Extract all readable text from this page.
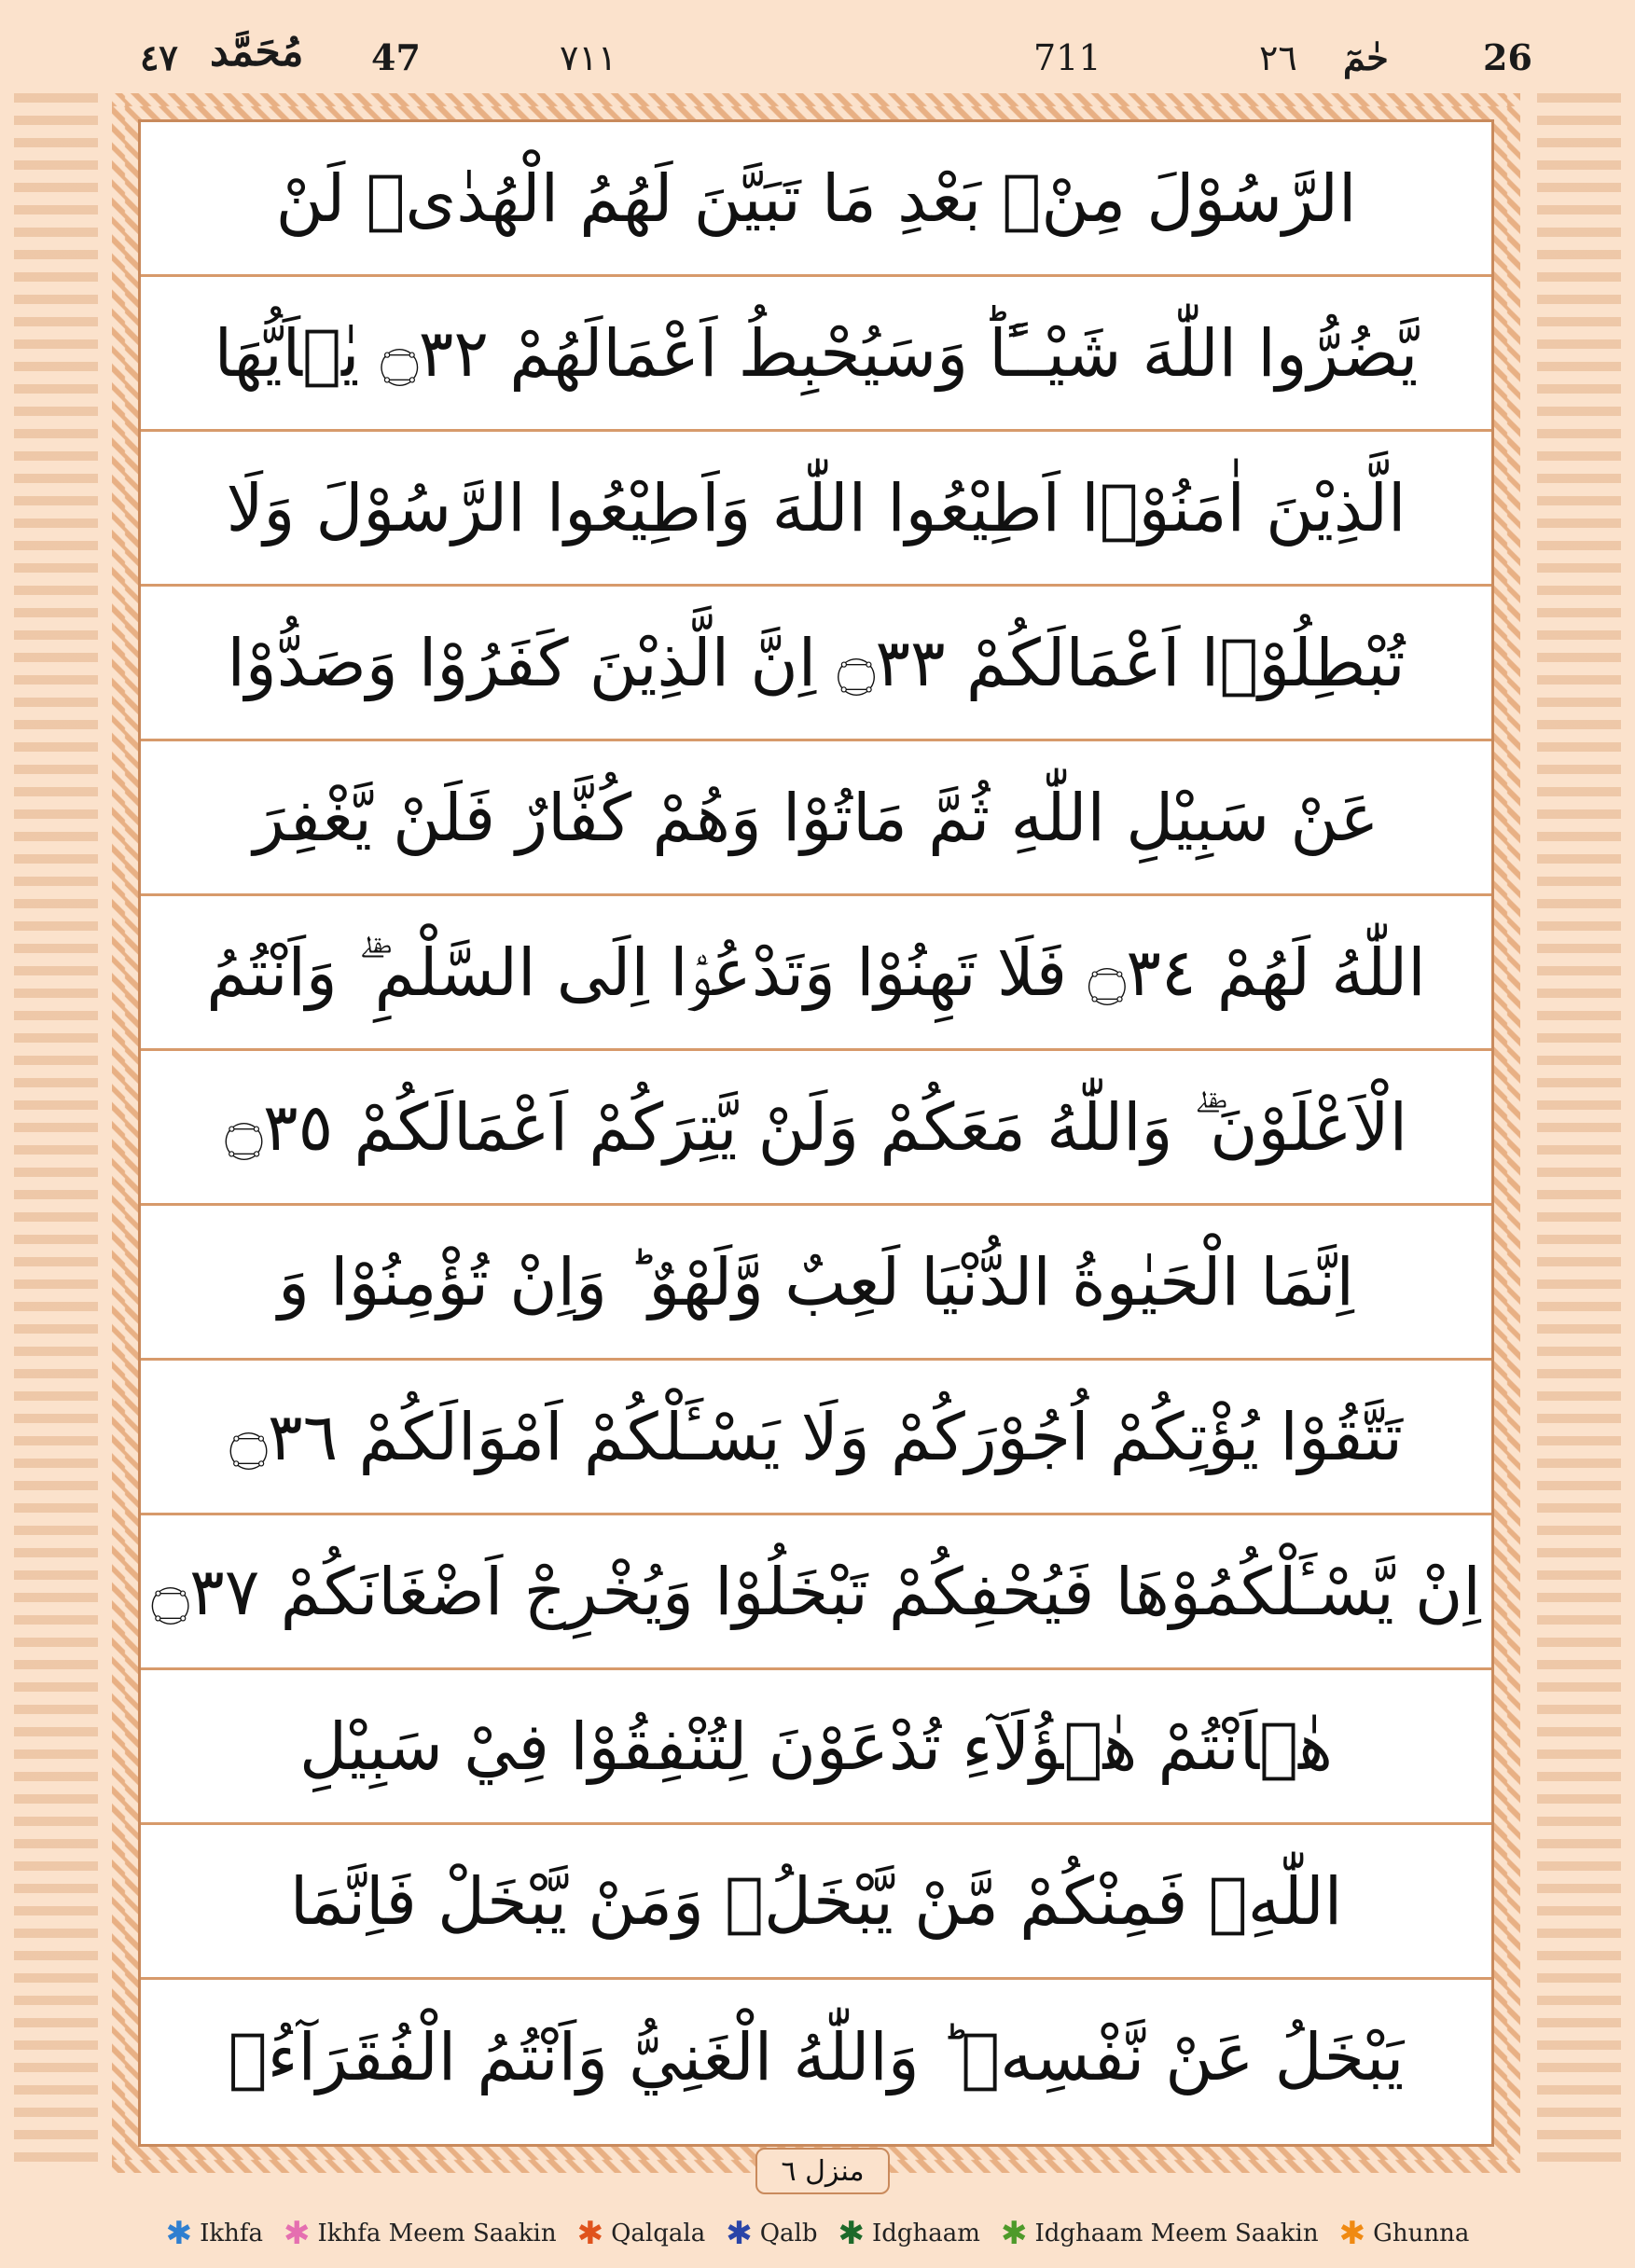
٤٧ مُحَمَّد 47	٧١١	711	٢٦ حٰمٓ	26
الرَّسُوْلَ مِنْۢ بَعْدِ مَا تَبَيَّنَ لَهُمُ الْهُدٰىۙ لَنْ
يَّضُرُّوا اللّٰهَ شَيْــًٔاؕ وَسَيُحْبِطُ اَعْمَالَهُمْ ۝٣٢ يٰۤاَيُّهَا
الَّذِيْنَ اٰمَنُوْۤا اَطِيْعُوا اللّٰهَ وَاَطِيْعُوا الرَّسُوْلَ وَلَا
تُبْطِلُوْۤا اَعْمَالَكُمْ ۝٣٣ اِنَّ الَّذِيْنَ كَفَرُوْا وَصَدُّوْا
عَنْ سَبِيْلِ اللّٰهِ ثُمَّ مَاتُوْا وَهُمْ كُفَّارٌ فَلَنْ يَّغْفِرَ
اللّٰهُ لَهُمْ ۝٣٤ فَلَا تَهِنُوْا وَتَدْعُوْۤا اِلَى السَّلْمِ ۖۗ وَاَنْتُمُ
الْاَعْلَوْنَ ۖۗ وَاللّٰهُ مَعَكُمْ وَلَنْ يَّتِرَكُمْ اَعْمَالَكُمْ ۝٣٥
اِنَّمَا الْحَيٰوةُ الدُّنْيَا لَعِبٌ وَّلَهْوٌ ؕ وَاِنْ تُؤْمِنُوْا وَ
تَتَّقُوْا يُؤْتِكُمْ اُجُوْرَكُمْ وَلَا يَسْـَٔلْكُمْ اَمْوَالَكُمْ ۝٣٦
اِنْ يَّسْـَٔلْكُمُوْهَا فَيُحْفِكُمْ تَبْخَلُوْا وَيُخْرِجْ اَضْغَانَكُمْ ۝٣٧
هٰۤاَنْتُمْ هٰۤؤُلَآءِ تُدْعَوْنَ لِتُنْفِقُوْا فِيْ سَبِيْلِ
اللّٰهِۚ فَمِنْكُمْ مَّنْ يَّبْخَلُۚ وَمَنْ يَّبْخَلْ فَاِنَّمَا
يَبْخَلُ عَنْ نَّفْسِهٖ ؕ وَاللّٰهُ الْغَنِيُّ وَاَنْتُمُ الْفُقَرَآءُۚ
منزل ٦
✱ Ikhfa ✱ Ikhfa Meem Saakin ✱ Qalqala ✱ Qalb ✱ Idghaam ✱ Idghaam Meem Saakin ✱ Ghunna
